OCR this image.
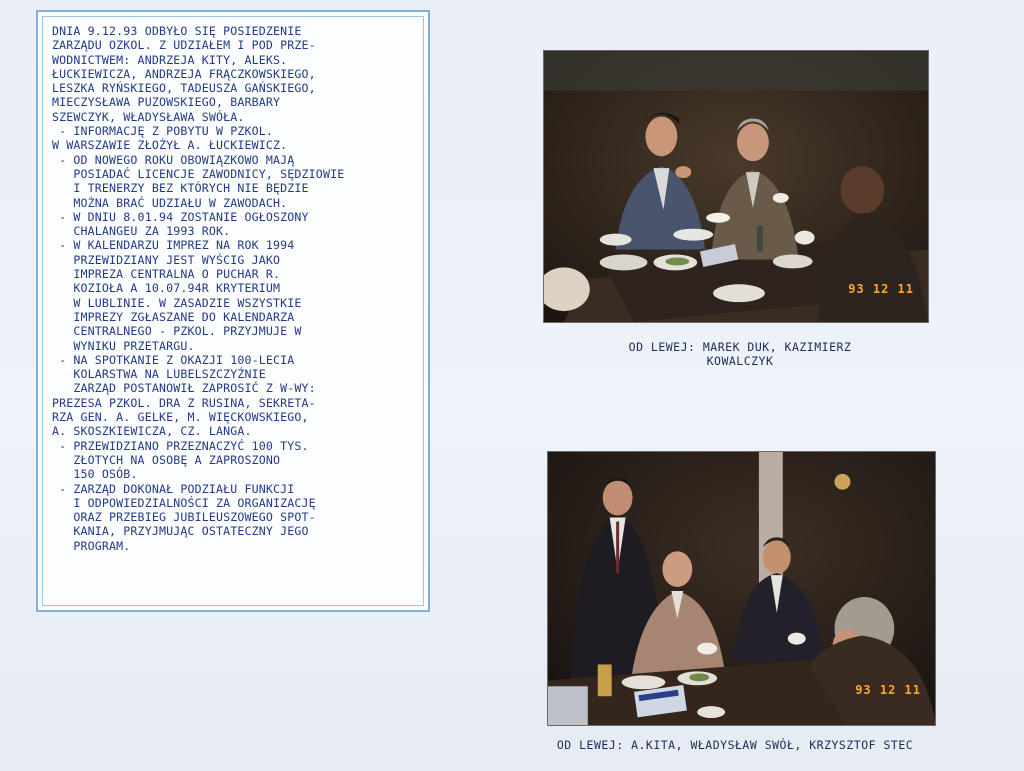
DNIA 9.12.93 ODBYŁO SIĘ POSIEDZENIE
ZARZĄDU OZKOL. Z UDZIAŁEM I POD PRZE-
WODNICTWEM: ANDRZEJA KITY, ALEKS.
ŁUCKIEWICZA, ANDRZEJA FRĄCZKOWSKIEGO,
LESZKA RYŃSKIEGO, TADEUSZA GAŃSKIEGO,
MIECZYSŁAWA PUZOWSKIEGO, BARBARY
SZEWCZYK, WŁADYSŁAWA SWÓŁA.
- INFORMACJĘ Z POBYTU W PZKOL.
W WARSZAWIE ZŁOŻYŁ A. ŁUCKIEWICZ.
- OD NOWEGO ROKU OBOWIĄZKOWO MAJĄ
POSIADAĆ LICENCJE ZAWODNICY, SĘDZIOWIE
I TRENERZY BEZ KTÓRYCH NIE BĘDZIE
MOŻNA BRAĆ UDZIAŁU W ZAWODACH.
- W DNIU 8.01.94 ZOSTANIE OGŁOSZONY
CHALANGEU ZA 1993 ROK.
- W KALENDARZU IMPREZ NA ROK 1994
PRZEWIDZIANY JEST WYŚCIG JAKO
IMPREZA CENTRALNA O PUCHAR R.
KOZIOŁA A 10.07.94R KRYTERIUM
W LUBLINIE. W ZASADZIE WSZYSTKIE
IMPREZY ZGŁASZANE DO KALENDARZA
CENTRALNEGO - PZKOL. PRZYJMUJE W
WYNIKU PRZETARGU.
- NA SPOTKANIE Z OKAZJI 100-LECIA
KOLARSTWA NA LUBELSZCZYŹNIE
ZARZĄD POSTANOWIŁ ZAPROSIĆ Z W-WY:
PREZESA PZKOL. DRA Z RUSINA, SEKRETA-
RZA GEN. A. GELKE, M. WIĘCKOWSKIEGO,
A. SKOSZKIEWICZA, CZ. LANGA.
- PRZEWIDZIANO PRZEZNACZYĆ 100 TYS.
ZŁOTYCH NA OSOBĘ A ZAPROSZONO
150 OSÓB.
- ZARZĄD DOKONAŁ PODZIAŁU FUNKCJI
I ODPOWIEDZIALNOŚCI ZA ORGANIZACJĘ
ORAZ PRZEBIEG JUBILEUSZOWEGO SPOT-
KANIA, PRZYJMUJĄC OSTATECZNY JEGO
PROGRAM.
93 12 11
OD LEWEJ: MAREK DUK, KAZIMIERZ
KOWALCZYK
93 12 11
OD LEWEJ: A.KITA, WŁADYSŁAW SWÓŁ, KRZYSZTOF STEC
